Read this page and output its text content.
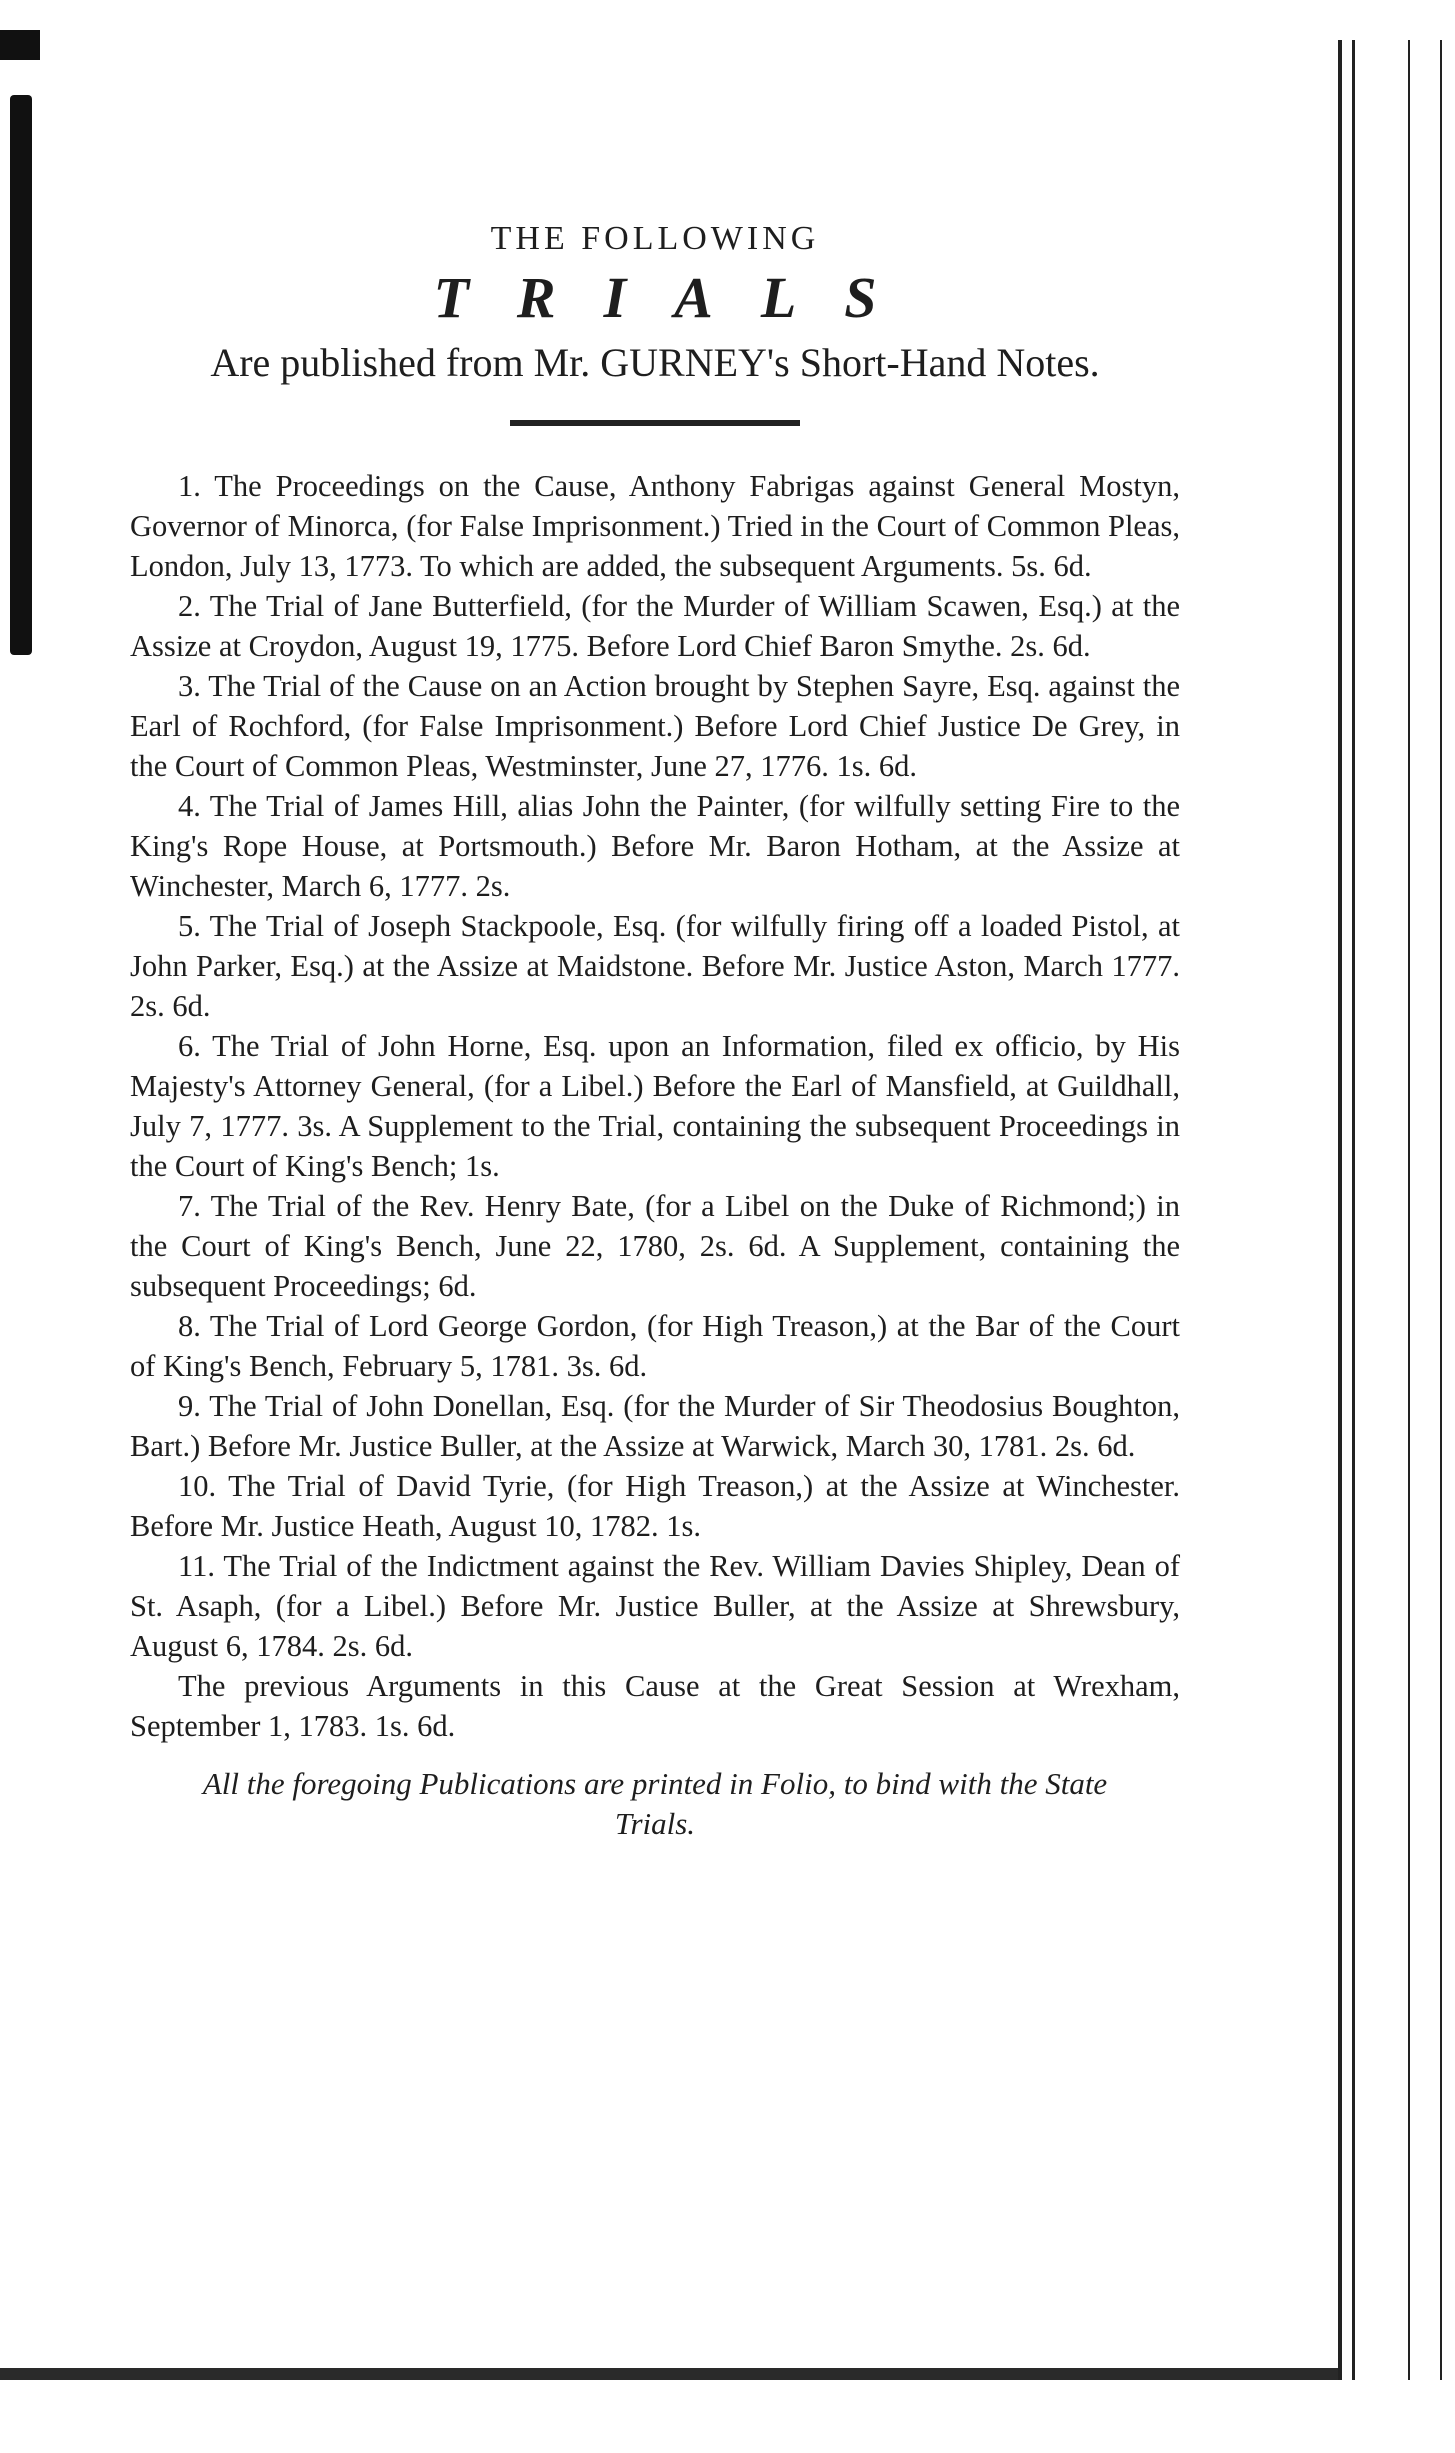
THE FOLLOWING
TRIALS
Are published from Mr. GURNEY's Short-Hand Notes.

1. The Proceedings on the Cause, Anthony Fabrigas against General Mostyn, Governor of Minorca, (for False Imprisonment.) Tried in the Court of Common Pleas, London, July 13, 1773. To which are added, the subsequent Arguments. 5s. 6d.

2. The Trial of Jane Butterfield, (for the Murder of William Scawen, Esq.) at the Assize at Croydon, August 19, 1775. Before Lord Chief Baron Smythe. 2s. 6d.

3. The Trial of the Cause on an Action brought by Stephen Sayre, Esq. against the Earl of Rochford, (for False Imprisonment.) Before Lord Chief Justice De Grey, in the Court of Common Pleas, Westminster, June 27, 1776. 1s. 6d.

4. The Trial of James Hill, alias John the Painter, (for wilfully setting Fire to the King's Rope House, at Portsmouth.) Before Mr. Baron Hotham, at the Assize at Winchester, March 6, 1777. 2s.

5. The Trial of Joseph Stackpoole, Esq. (for wilfully firing off a loaded Pistol, at John Parker, Esq.) at the Assize at Maidstone. Before Mr. Justice Aston, March 1777. 2s. 6d.

6. The Trial of John Horne, Esq. upon an Information, filed ex officio, by His Majesty's Attorney General, (for a Libel.) Before the Earl of Mansfield, at Guildhall, July 7, 1777. 3s. A Supplement to the Trial, containing the subsequent Proceedings in the Court of King's Bench; 1s.

7. The Trial of the Rev. Henry Bate, (for a Libel on the Duke of Richmond;) in the Court of King's Bench, June 22, 1780, 2s. 6d. A Supplement, containing the subsequent Proceedings; 6d.

8. The Trial of Lord George Gordon, (for High Treason,) at the Bar of the Court of King's Bench, February 5, 1781. 3s. 6d.

9. The Trial of John Donellan, Esq. (for the Murder of Sir Theodosius Boughton, Bart.) Before Mr. Justice Buller, at the Assize at Warwick, March 30, 1781. 2s. 6d.

10. The Trial of David Tyrie, (for High Treason,) at the Assize at Winchester. Before Mr. Justice Heath, August 10, 1782. 1s.

11. The Trial of the Indictment against the Rev. William Davies Shipley, Dean of St. Asaph, (for a Libel.) Before Mr. Justice Buller, at the Assize at Shrewsbury, August 6, 1784. 2s. 6d.

The previous Arguments in this Cause at the Great Session at Wrexham, September 1, 1783. 1s. 6d.

All the foregoing Publications are printed in Folio, to bind with the State Trials.
